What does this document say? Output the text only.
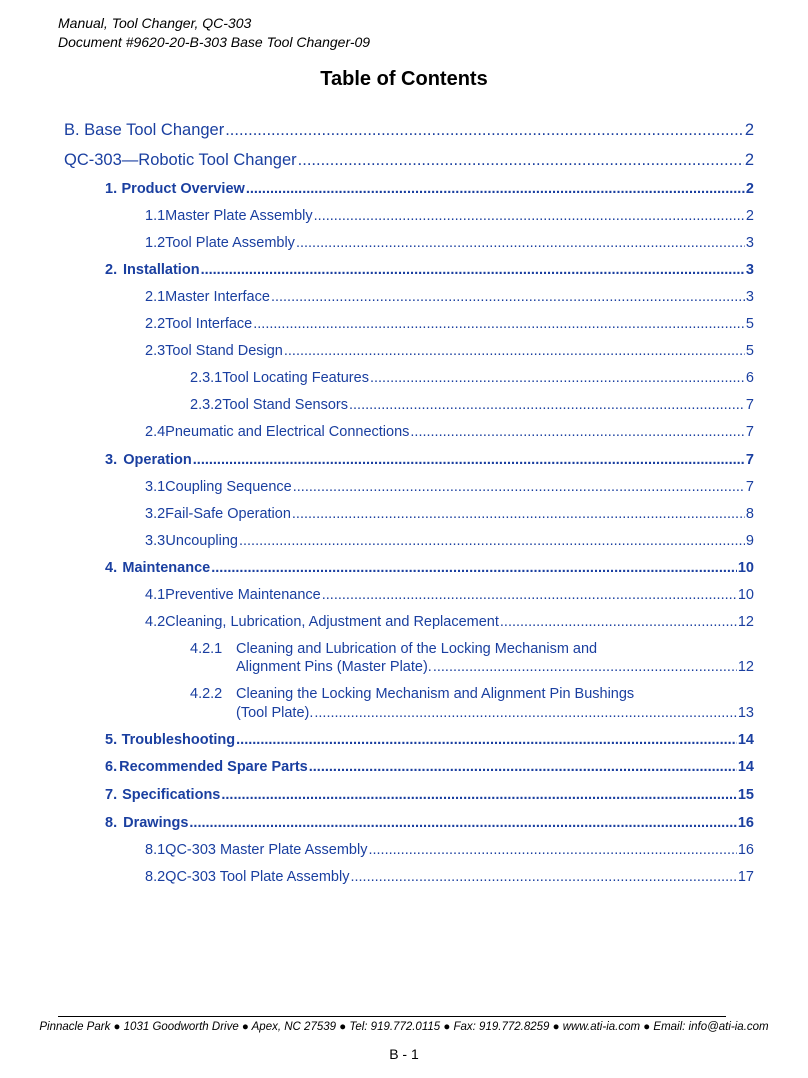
Manual, Tool Changer, QC-303
Document #9620-20-B-303 Base Tool Changer-09
Table of Contents
B. Base Tool Changer .....	2
QC-303—Robotic Tool Changer .....	2
1. Product Overview .....	2
1.1 Master Plate Assembly .....	2
1.2 Tool Plate Assembly .....	3
2. Installation .....	3
2.1 Master Interface .....	3
2.2 Tool Interface .....	5
2.3 Tool Stand Design .....	5
2.3.1 Tool Locating Features .....	6
2.3.2 Tool Stand Sensors .....	7
2.4 Pneumatic and Electrical Connections .....	7
3. Operation .....	7
3.1 Coupling Sequence .....	7
3.2 Fail-Safe Operation .....	8
3.3 Uncoupling .....	9
4. Maintenance .....	10
4.1 Preventive Maintenance .....	10
4.2 Cleaning, Lubrication, Adjustment and Replacement .....	12
4.2.1 Cleaning and Lubrication of the Locking Mechanism and
Alignment Pins (Master Plate). .....	12
4.2.2 Cleaning the Locking Mechanism and Alignment Pin Bushings
(Tool Plate). .....	13
5. Troubleshooting .....	14
6. Recommended Spare Parts .....	14
7. Specifications .....	15
8. Drawings .....	16
8.1 QC-303 Master Plate Assembly .....	16
8.2 QC-303 Tool Plate Assembly .....	17
Pinnacle Park ● 1031 Goodworth Drive ● Apex, NC 27539 ● Tel: 919.772.0115 ● Fax: 919.772.8259 ● www.ati-ia.com ● Email: info@ati-ia.com
B - 1
